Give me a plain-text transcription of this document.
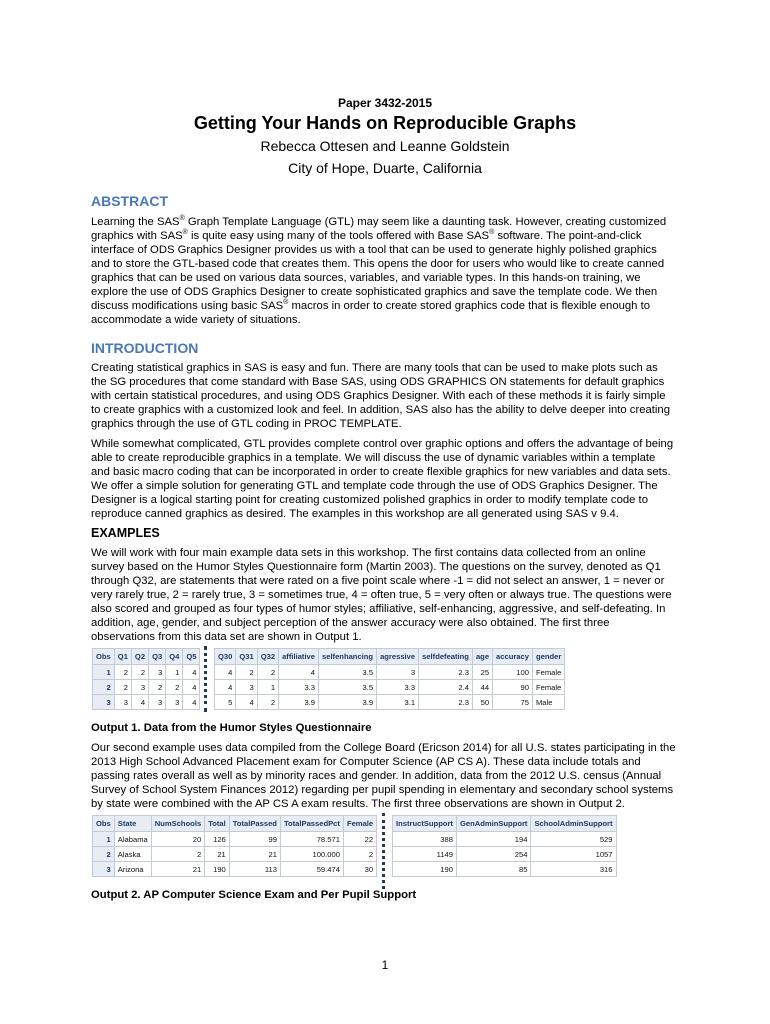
Paper 3432-2015
Getting Your Hands on Reproducible Graphs
Rebecca Ottesen and Leanne Goldstein
City of Hope, Duarte, California
ABSTRACT
Learning the SAS® Graph Template Language (GTL) may seem like a daunting task. However, creating customized
graphics with SAS® is quite easy using many of the tools offered with Base SAS® software. The point-and-click
interface of ODS Graphics Designer provides us with a tool that can be used to generate highly polished graphics
and to store the GTL-based code that creates them. This opens the door for users who would like to create canned
graphics that can be used on various data sources, variables, and variable types. In this hands-on training, we
explore the use of ODS Graphics Designer to create sophisticated graphics and save the template code. We then
discuss modifications using basic SAS® macros in order to create stored graphics code that is flexible enough to
accommodate a wide variety of situations.
INTRODUCTION
Creating statistical graphics in SAS is easy and fun. There are many tools that can be used to make plots such as
the SG procedures that come standard with Base SAS, using ODS GRAPHICS ON statements for default graphics
with certain statistical procedures, and using ODS Graphics Designer. With each of these methods it is fairly simple
to create graphics with a customized look and feel. In addition, SAS also has the ability to delve deeper into creating
graphics through the use of GTL coding in PROC TEMPLATE.
While somewhat complicated, GTL provides complete control over graphic options and offers the advantage of being
able to create reproducible graphics in a template. We will discuss the use of dynamic variables within a template
and basic macro coding that can be incorporated in order to create flexible graphics for new variables and data sets.
We offer a simple solution for generating GTL and template code through the use of ODS Graphics Designer. The
Designer is a logical starting point for creating customized polished graphics in order to modify template code to
reproduce canned graphics as desired. The examples in this workshop are all generated using SAS v 9.4.
EXAMPLES
We will work with four main example data sets in this workshop. The first contains data collected from an online
survey based on the Humor Styles Questionnaire form (Martin 2003). The questions on the survey, denoted as Q1
through Q32, are statements that were rated on a five point scale where -1 = did not select an answer, 1 = never or
very rarely true, 2 = rarely true, 3 = sometimes true, 4 = often true, 5 = very often or always true. The questions were
also scored and grouped as four types of humor styles; affiliative, self-enhancing, aggressive, and self-defeating. In
addition, age, gender, and subject perception of the answer accuracy were also obtained. The first three
observations from this data set are shown in Output 1.
Obs	Q1	Q2	Q3	Q4	Q5
1	2	2	3	1	4
2	2	3	2	2	4
3	3	4	3	3	4
Q30	Q31	Q32	affiliative	selfenhancing	agressive	selfdefeating	age	accuracy	gender
4	2	2	4	3.5	3	2.3	25	100	Female
4	3	1	3.3	3.5	3.3	2.4	44	90	Female
5	4	2	3.9	3.9	3.1	2.3	50	75	Male
Output 1. Data from the Humor Styles Questionnaire
Our second example uses data compiled from the College Board (Ericson 2014) for all U.S. states participating in the
2013 High School Advanced Placement exam for Computer Science (AP CS A). These data include totals and
passing rates overall as well as by minority races and gender. In addition, data from the 2012 U.S. census (Annual
Survey of School System Finances 2012) regarding per pupil spending in elementary and secondary school systems
by state were combined with the AP CS A exam results. The first three observations are shown in Output 2.
Obs	State	NumSchools	Total	TotalPassed	TotalPassedPct	Female
1	Alabama	20	126	99	78.571	22
2	Alaska	2	21	21	100.000	2
3	Arizona	21	190	113	59.474	30
InstructSupport	GenAdminSupport	SchoolAdminSupport
388	194	529
1149	254	1057
190	85	316
Output 2. AP Computer Science Exam and Per Pupil Support
1
